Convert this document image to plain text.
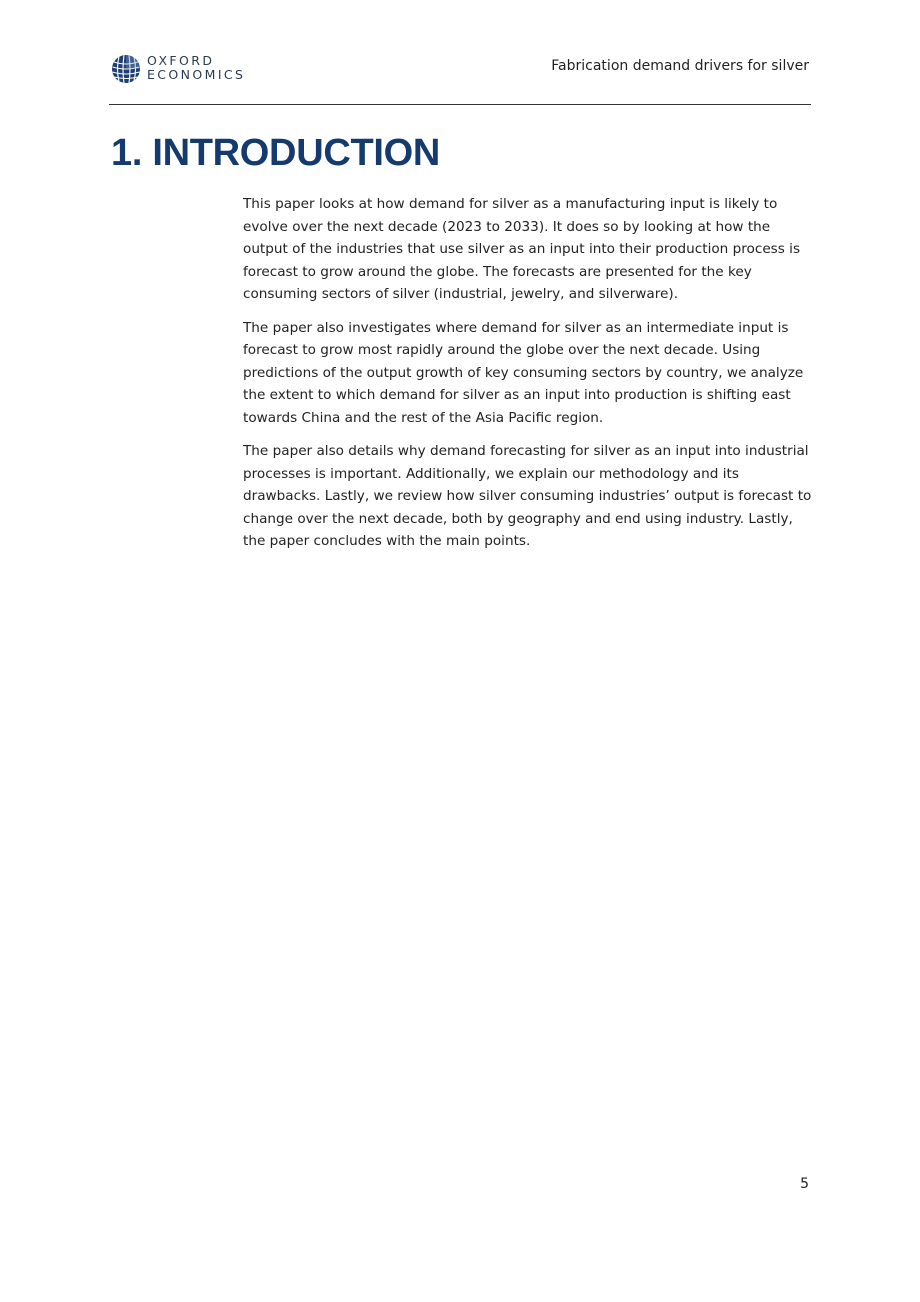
OXFORD
ECONOMICS
Fabrication demand drivers for silver
1. INTRODUCTION

This paper looks at how demand for silver as a manufacturing input is likely to evolve over the next decade (2023 to 2033). It does so by looking at how the output of the industries that use silver as an input into their production process is forecast to grow around the globe. The forecasts are presented for the key consuming sectors of silver (industrial, jewelry, and silverware).

The paper also investigates where demand for silver as an intermediate input is forecast to grow most rapidly around the globe over the next decade. Using predictions of the output growth of key consuming sectors by country, we analyze the extent to which demand for silver as an input into production is shifting east towards China and the rest of the Asia Pacific region.

The paper also details why demand forecasting for silver as an input into industrial processes is important. Additionally, we explain our methodology and its drawbacks. Lastly, we review how silver consuming industries’ output is forecast to change over the next decade, both by geography and end using industry. Lastly, the paper concludes with the main points.

5
